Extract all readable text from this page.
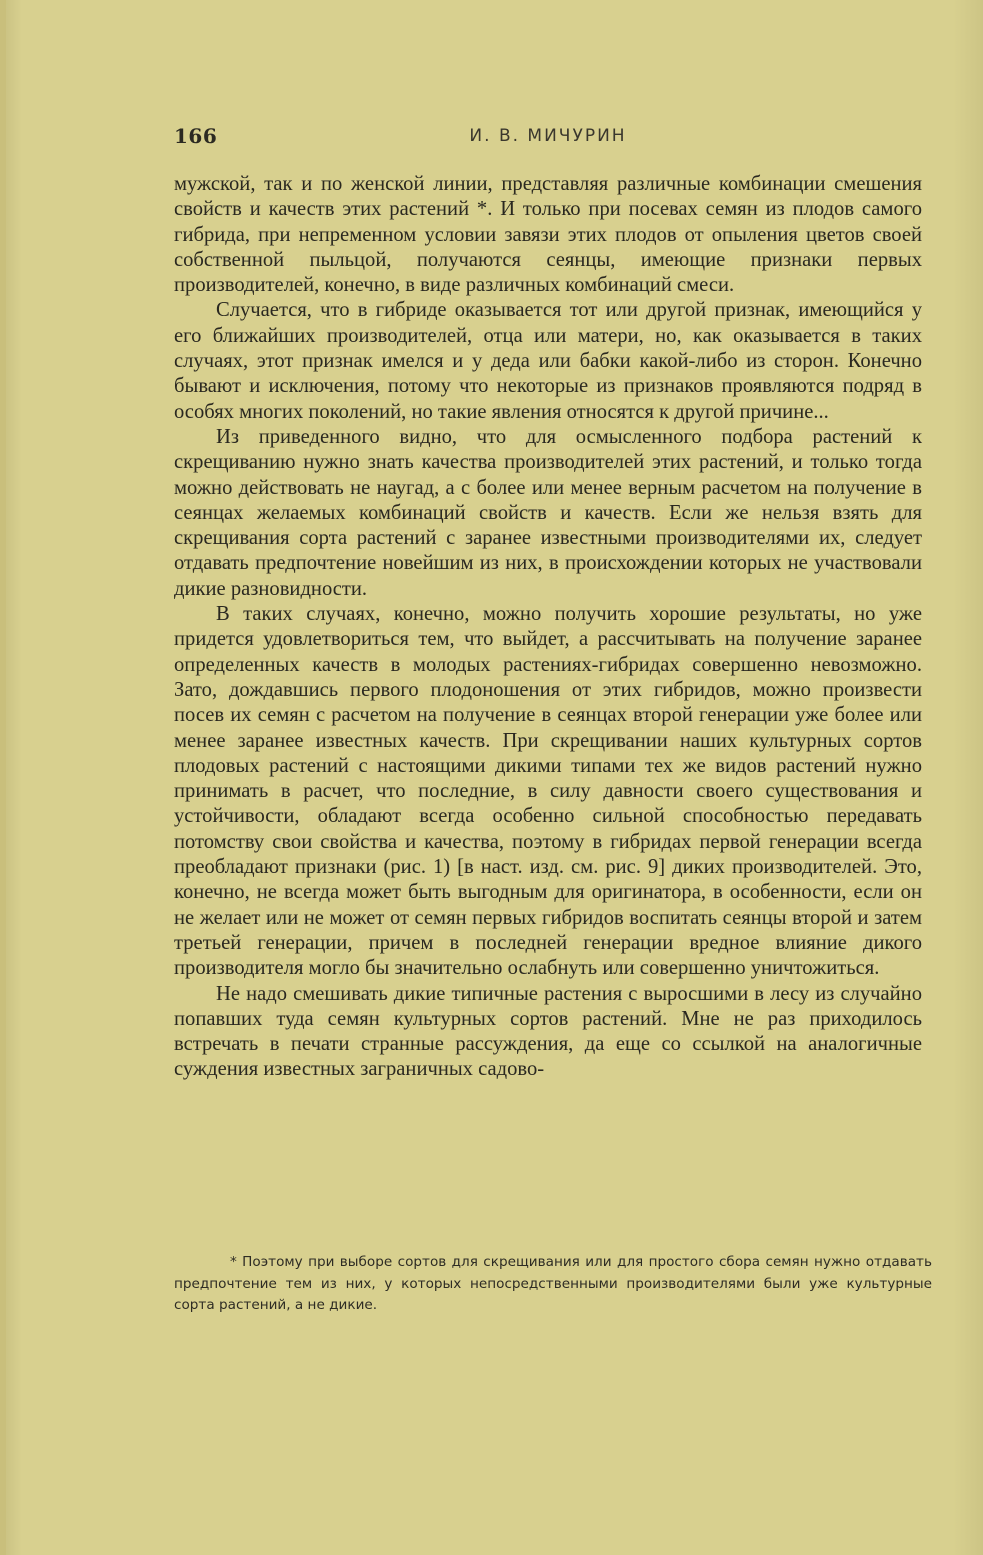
166	И. В. МИЧУРИН

мужской, так и по женской линии, представляя различные комбинации смешения свойств и качеств этих растений *. И только при посевах семян из плодов самого гибрида, при непременном условии завязи этих плодов от опыления цветов своей собственной пыльцой, получаются сеянцы, имеющие признаки первых производителей, конечно, в виде различных комбинаций смеси.

Случается, что в гибриде оказывается тот или другой признак, имеющийся у его ближайших производителей, отца или матери, но, как оказывается в таких случаях, этот признак имелся и у деда или бабки какой-либо из сторон. Конечно бывают и исключения, потому что некоторые из признаков проявляются подряд в особях многих поколений, но такие явления относятся к другой причине...

Из приведенного видно, что для осмысленного подбора растений к скрещиванию нужно знать качества производителей этих растений, и только тогда можно действовать не наугад, а с более или менее верным расчетом на получение в сеянцах желаемых комбинаций свойств и качеств. Если же нельзя взять для скрещивания сорта растений с заранее известными производителями их, следует отдавать предпочтение новейшим из них, в происхождении которых не участвовали дикие разновидности.

В таких случаях, конечно, можно получить хорошие результаты, но уже придется удовлетвориться тем, что выйдет, а рассчитывать на получение заранее определенных качеств в молодых растениях-гибридах совершенно невозможно. Зато, дождавшись первого плодоношения от этих гибридов, можно произвести посев их семян с расчетом на получение в сеянцах второй генерации уже более или менее заранее известных качеств. При скрещивании наших культурных сортов плодовых растений с настоящими дикими типами тех же видов растений нужно принимать в расчет, что последние, в силу давности своего существования и устойчивости, обладают всегда особенно сильной способностью передавать потомству свои свойства и качества, поэтому в гибридах первой генерации всегда преобладают признаки (рис. 1) [в наст. изд. см. рис. 9] диких производителей. Это, конечно, не всегда может быть выгодным для оригинатора, в особенности, если он не желает или не может от семян первых гибридов воспитать сеянцы второй и затем третьей генерации, причем в последней генерации вредное влияние дикого производителя могло бы значительно ослабнуть или совершенно уничтожиться.

Не надо смешивать дикие типичные растения с выросшими в лесу из случайно попавших туда семян культурных сортов растений. Мне не раз приходилось встречать в печати странные рассуждения, да еще со ссылкой на аналогичные суждения известных заграничных садово-

* Поэтому при выборе сортов для скрещивания или для простого сбора семян нужно отдавать предпочтение тем из них, у которых непосредственными производителями были уже культурные сорта растений, а не дикие.
